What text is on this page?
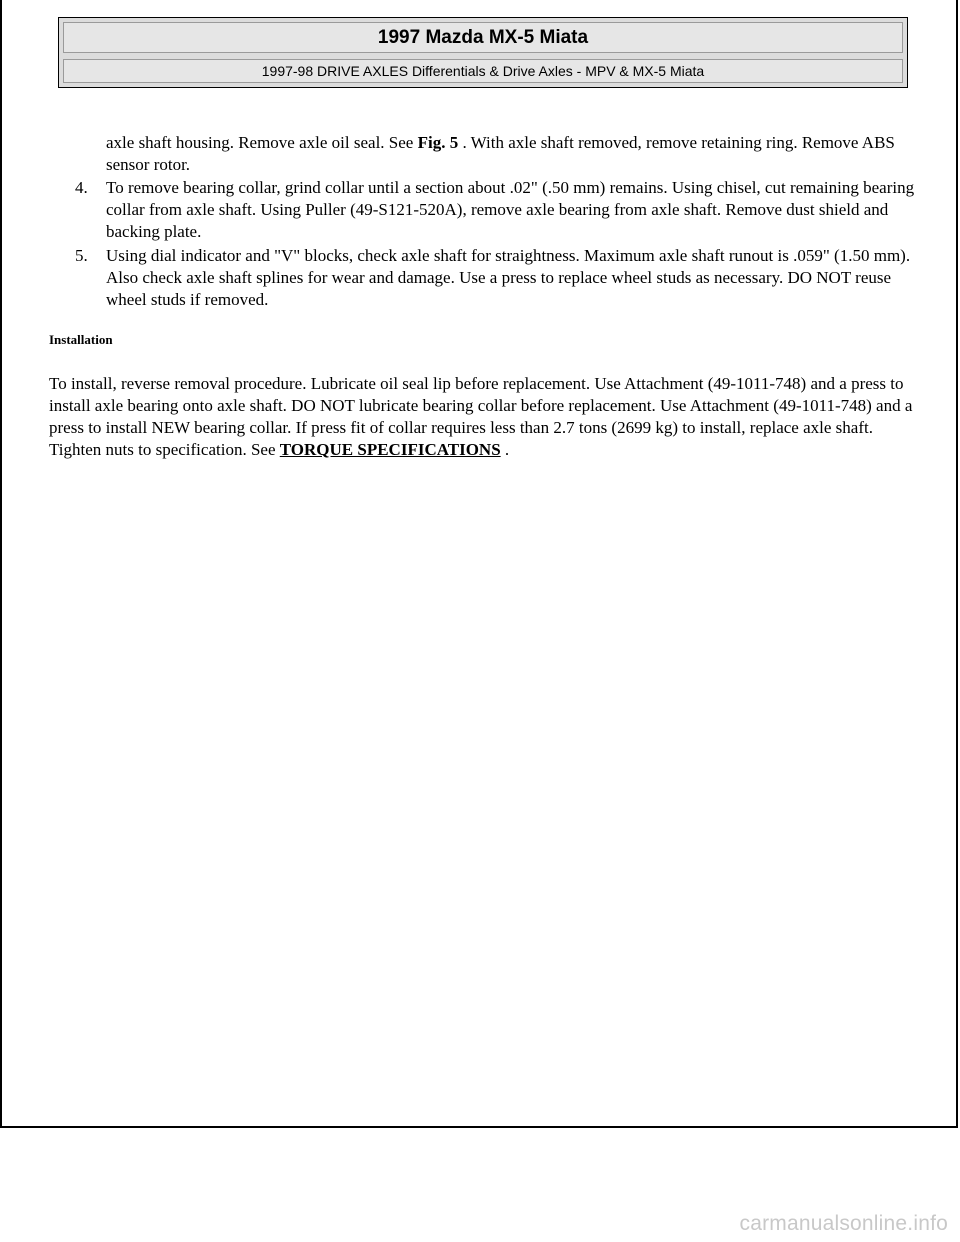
1997 Mazda MX-5 Miata
1997-98 DRIVE AXLES Differentials & Drive Axles - MPV & MX-5 Miata
axle shaft housing. Remove axle oil seal. See Fig. 5 . With axle shaft removed, remove retaining ring. Remove ABS sensor rotor.
4. To remove bearing collar, grind collar until a section about .02" (.50 mm) remains. Using chisel, cut remaining bearing collar from axle shaft. Using Puller (49-S121-520A), remove axle bearing from axle shaft. Remove dust shield and backing plate.
5. Using dial indicator and "V" blocks, check axle shaft for straightness. Maximum axle shaft runout is .059" (1.50 mm). Also check axle shaft splines for wear and damage. Use a press to replace wheel studs as necessary. DO NOT reuse wheel studs if removed.
Installation
To install, reverse removal procedure. Lubricate oil seal lip before replacement. Use Attachment (49-1011-748) and a press to install axle bearing onto axle shaft. DO NOT lubricate bearing collar before replacement. Use Attachment (49-1011-748) and a press to install NEW bearing collar. If press fit of collar requires less than 2.7 tons (2699 kg) to install, replace axle shaft. Tighten nuts to specification. See TORQUE SPECIFICATIONS .
carmanualsonline.info
